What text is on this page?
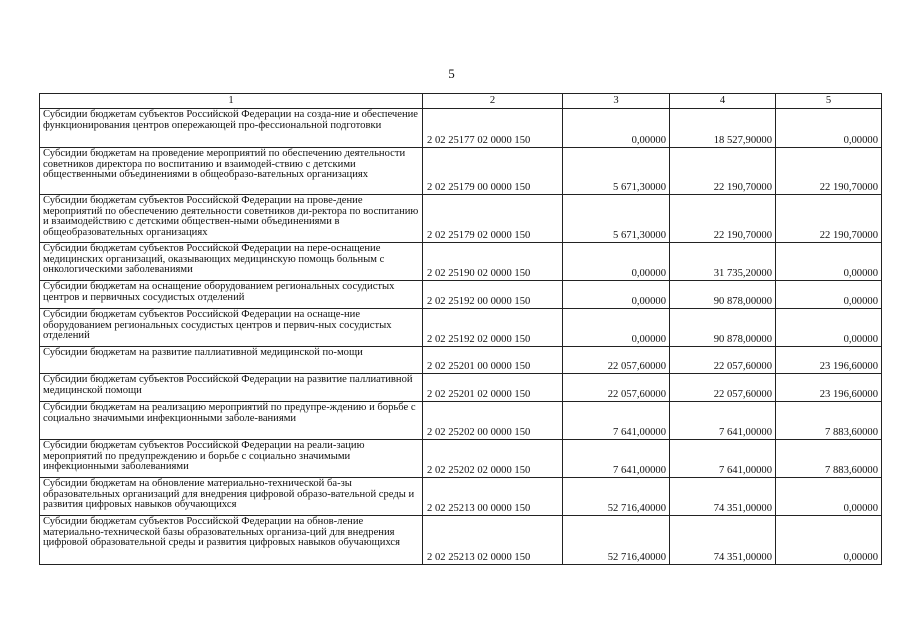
5
1	2	3	4	5
Субсидии бюджетам субъектов Российской Федерации на созда-ние и обеспечение функционирования центров опережающей про-фессиональной подготовки	2 02 25177 02 0000 150	0,00000	18 527,90000	0,00000
Субсидии бюджетам на проведение мероприятий по обеспечению деятельности советников директора по воспитанию и взаимодей-ствию с детскими общественными объединениями в общеобразо-вательных организациях	2 02 25179 00 0000 150	5 671,30000	22 190,70000	22 190,70000
Субсидии бюджетам субъектов Российской Федерации на прове-дение мероприятий по обеспечению деятельности советников ди-ректора по воспитанию и взаимодействию с детскими обществен-ными объединениями в общеобразовательных организациях	2 02 25179 02 0000 150	5 671,30000	22 190,70000	22 190,70000
Субсидии бюджетам субъектов Российской Федерации на пере-оснащение медицинских организаций, оказывающих медицинскую помощь больным с онкологическими заболеваниями	2 02 25190 02 0000 150	0,00000	31 735,20000	0,00000
Субсидии бюджетам на оснащение оборудованием региональных сосудистых центров и первичных сосудистых отделений	2 02 25192 00 0000 150	0,00000	90 878,00000	0,00000
Субсидии бюджетам субъектов Российской Федерации на оснаще-ние оборудованием региональных сосудистых центров и первич-ных сосудистых отделений	2 02 25192 02 0000 150	0,00000	90 878,00000	0,00000
Субсидии бюджетам на развитие паллиативной медицинской по-мощи	2 02 25201 00 0000 150	22 057,60000	22 057,60000	23 196,60000
Субсидии бюджетам субъектов Российской Федерации на развитие паллиативной медицинской помощи	2 02 25201 02 0000 150	22 057,60000	22 057,60000	23 196,60000
Субсидии бюджетам на реализацию мероприятий по предупре-ждению и борьбе с социально значимыми инфекционными заболе-ваниями	2 02 25202 00 0000 150	7 641,00000	7 641,00000	7 883,60000
Субсидии бюджетам субъектов Российской Федерации на реали-зацию мероприятий по предупреждению и борьбе с социально значимыми инфекционными заболеваниями	2 02 25202 02 0000 150	7 641,00000	7 641,00000	7 883,60000
Субсидии бюджетам на обновление материально-технической ба-зы образовательных организаций для внедрения цифровой образо-вательной среды и развития цифровых навыков обучающихся	2 02 25213 00 0000 150	52 716,40000	74 351,00000	0,00000
Субсидии бюджетам субъектов Российской Федерации на обнов-ление материально-технической базы образовательных организа-ций для внедрения цифровой образовательной среды и развития цифровых навыков обучающихся	2 02 25213 02 0000 150	52 716,40000	74 351,00000	0,00000
